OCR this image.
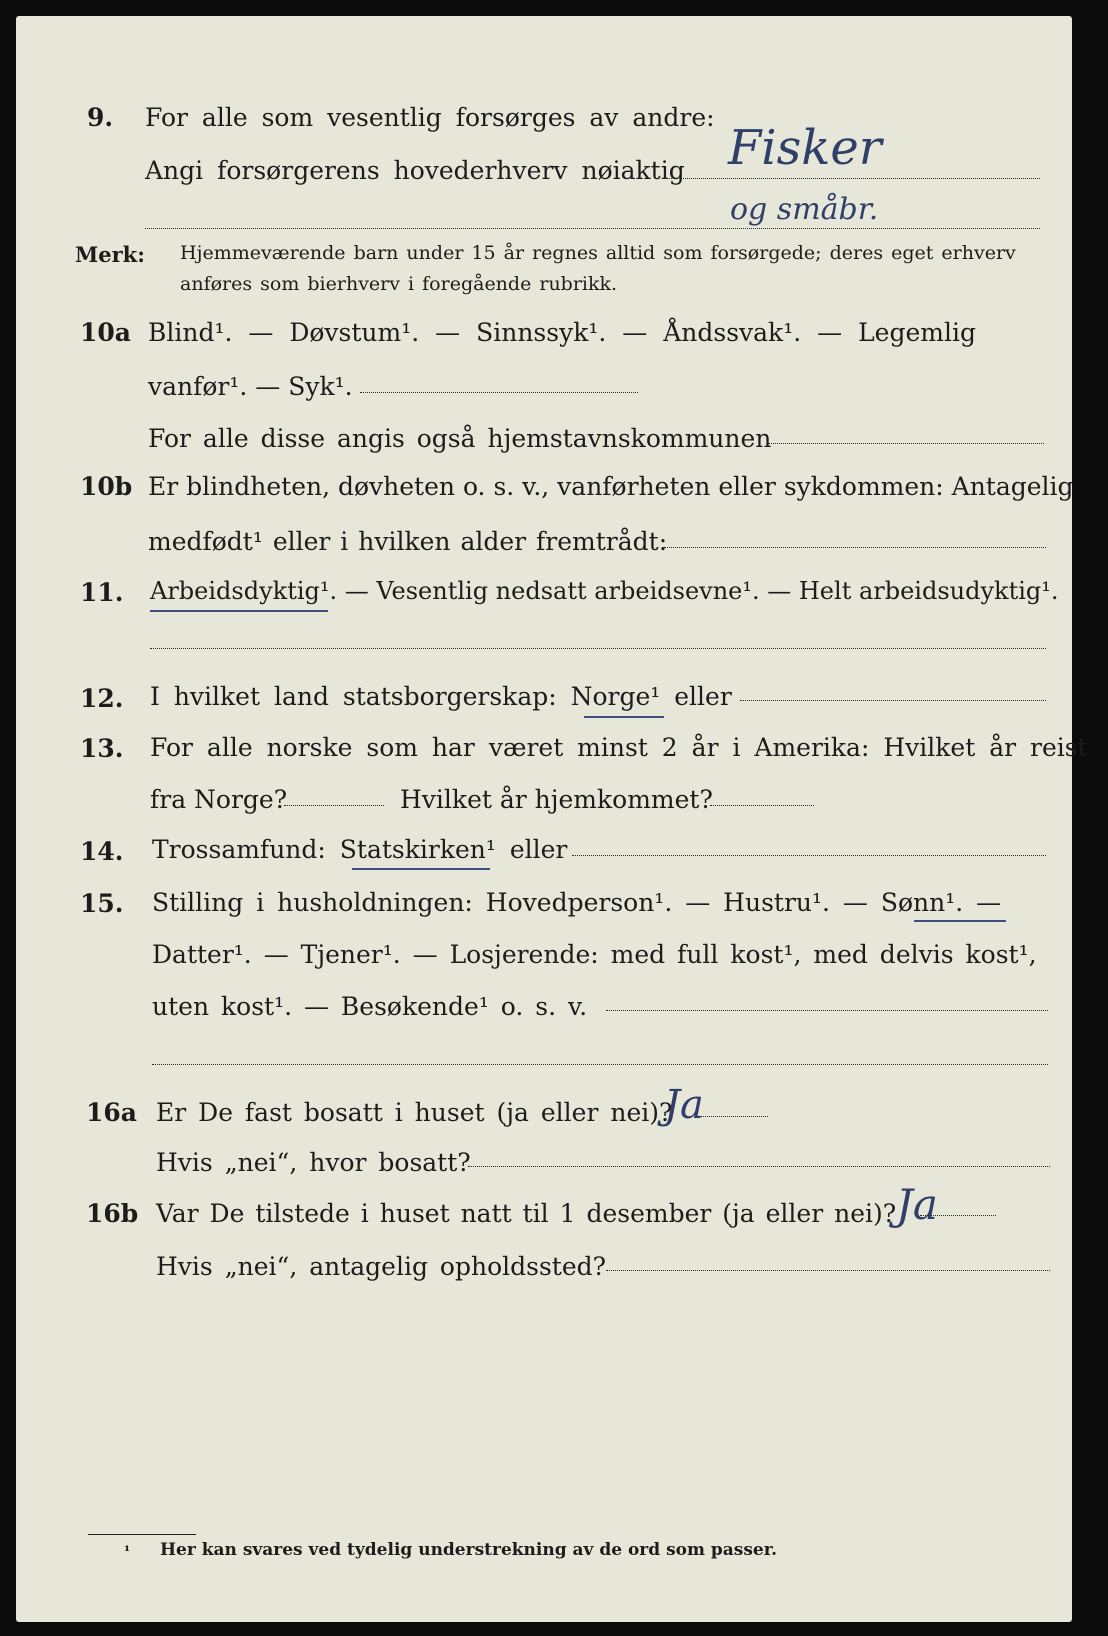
9. For alle som vesentlig forsørges av andre:
Angi forsørgerens hovederhverv nøiaktig Fisker
og småbr.
Merk: Hjemmeværende barn under 15 år regnes alltid som forsørgede; deres eget erhverv
anføres som bierhverv i foregående rubrikk.
10a Blind¹. — Døvstum¹. — Sinnssyk¹. — Åndssvak¹. — Legemlig
vanfør¹. — Syk¹.
For alle disse angis også hjemstavnskommunen
10b Er blindheten, døvheten o. s. v., vanførheten eller sykdommen: Antagelig
medfødt¹ eller i hvilken alder fremtrådt:
11. Arbeidsdyktig¹. — Vesentlig nedsatt arbeidsevne¹. — Helt arbeidsudyktig¹.
12. I hvilket land statsborgerskap: Norge¹ eller
13. For alle norske som har været minst 2 år i Amerika: Hvilket år reist
fra Norge?	Hvilket år hjemkommet?
14. Trossamfund: Statskirken¹ eller
15. Stilling i husholdningen: Hovedperson¹. — Hustru¹. — Sønn¹. —
Datter¹. — Tjener¹. — Losjerende: med full kost¹, med delvis kost¹,
uten kost¹. — Besøkende¹ o. s. v.
16a Er De fast bosatt i huset (ja eller nei)?
Ja
Hvis „nei“, hvor bosatt?
16b Var De tilstede i huset natt til 1 desember (ja eller nei)? Ja
Hvis „nei“, antagelig opholdssted?
¹ Her kan svares ved tydelig understrekning av de ord som passer.
